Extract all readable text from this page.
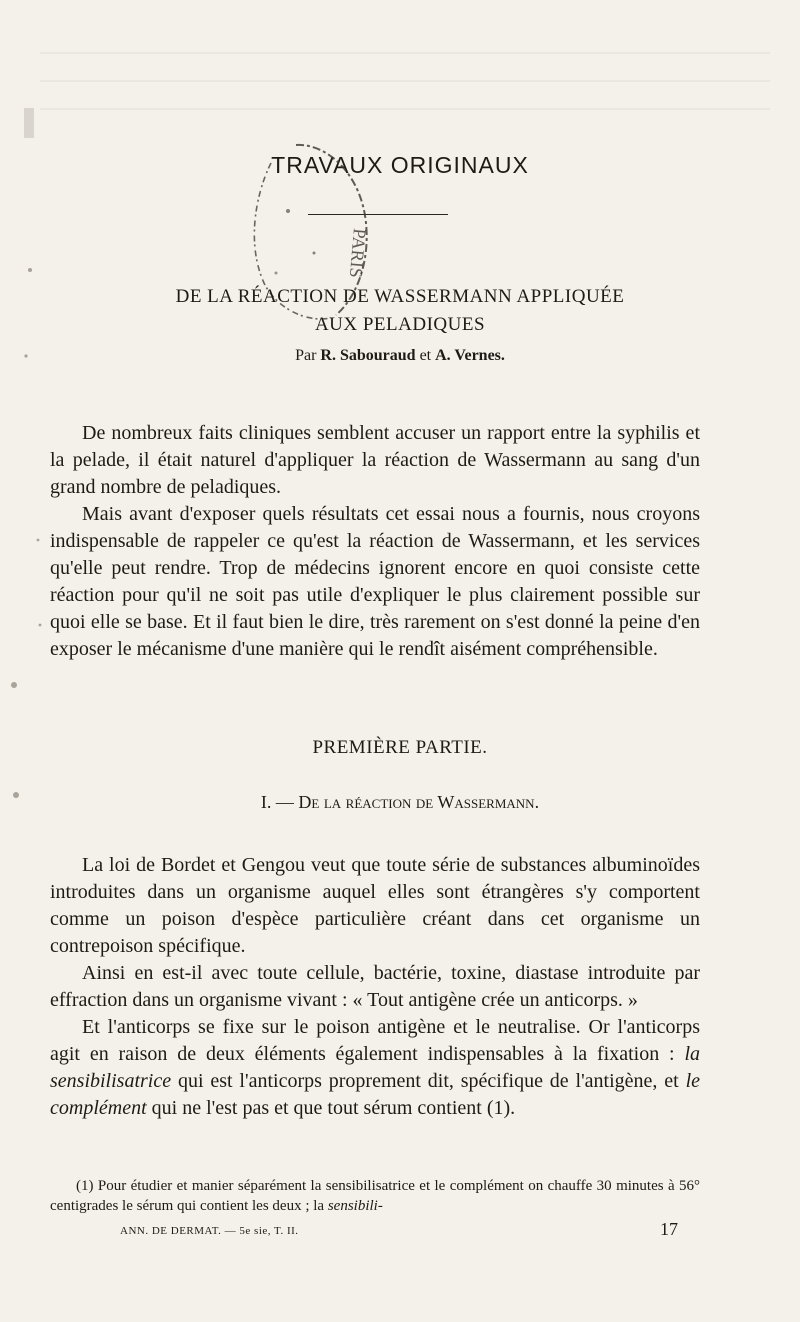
TRAVAUX ORIGINAUX
PARIS
DE LA RÉACTION DE WASSERMANN APPLIQUÉE
AUX PELADIQUES
Par R. Sabouraud et A. Vernes.

De nombreux faits cliniques semblent accuser un rapport entre la syphilis et la pelade, il était naturel d'appliquer la réaction de Wassermann au sang d'un grand nombre de peladiques.

Mais avant d'exposer quels résultats cet essai nous a fournis, nous croyons indispensable de rappeler ce qu'est la réaction de Wassermann, et les services qu'elle peut rendre. Trop de médecins ignorent encore en quoi consiste cette réaction pour qu'il ne soit pas utile d'expliquer le plus clairement possible sur quoi elle se base. Et il faut bien le dire, très rarement on s'est donné la peine d'en exposer le mécanisme d'une manière qui le rendît aisément compréhensible.

PREMIÈRE PARTIE.
I. — De la réaction de Wassermann.

La loi de Bordet et Gengou veut que toute série de substances albuminoïdes introduites dans un organisme auquel elles sont étrangères s'y comportent comme un poison d'espèce particulière créant dans cet organisme un contrepoison spécifique.

Ainsi en est-il avec toute cellule, bactérie, toxine, diastase introduite par effraction dans un organisme vivant : « Tout antigène crée un anticorps. »

Et l'anticorps se fixe sur le poison antigène et le neutralise. Or l'anticorps agit en raison de deux éléments également indispensables à la fixation : la sensibilisatrice qui est l'anticorps proprement dit, spécifique de l'antigène, et le complément qui ne l'est pas et que tout sérum contient (1).

(1) Pour étudier et manier séparément la sensibilisatrice et le complément on chauffe 30 minutes à 56° centigrades le sérum qui contient les deux ; la sensibili-

ANN. DE DERMAT. — 5e sie, T. II.	17
